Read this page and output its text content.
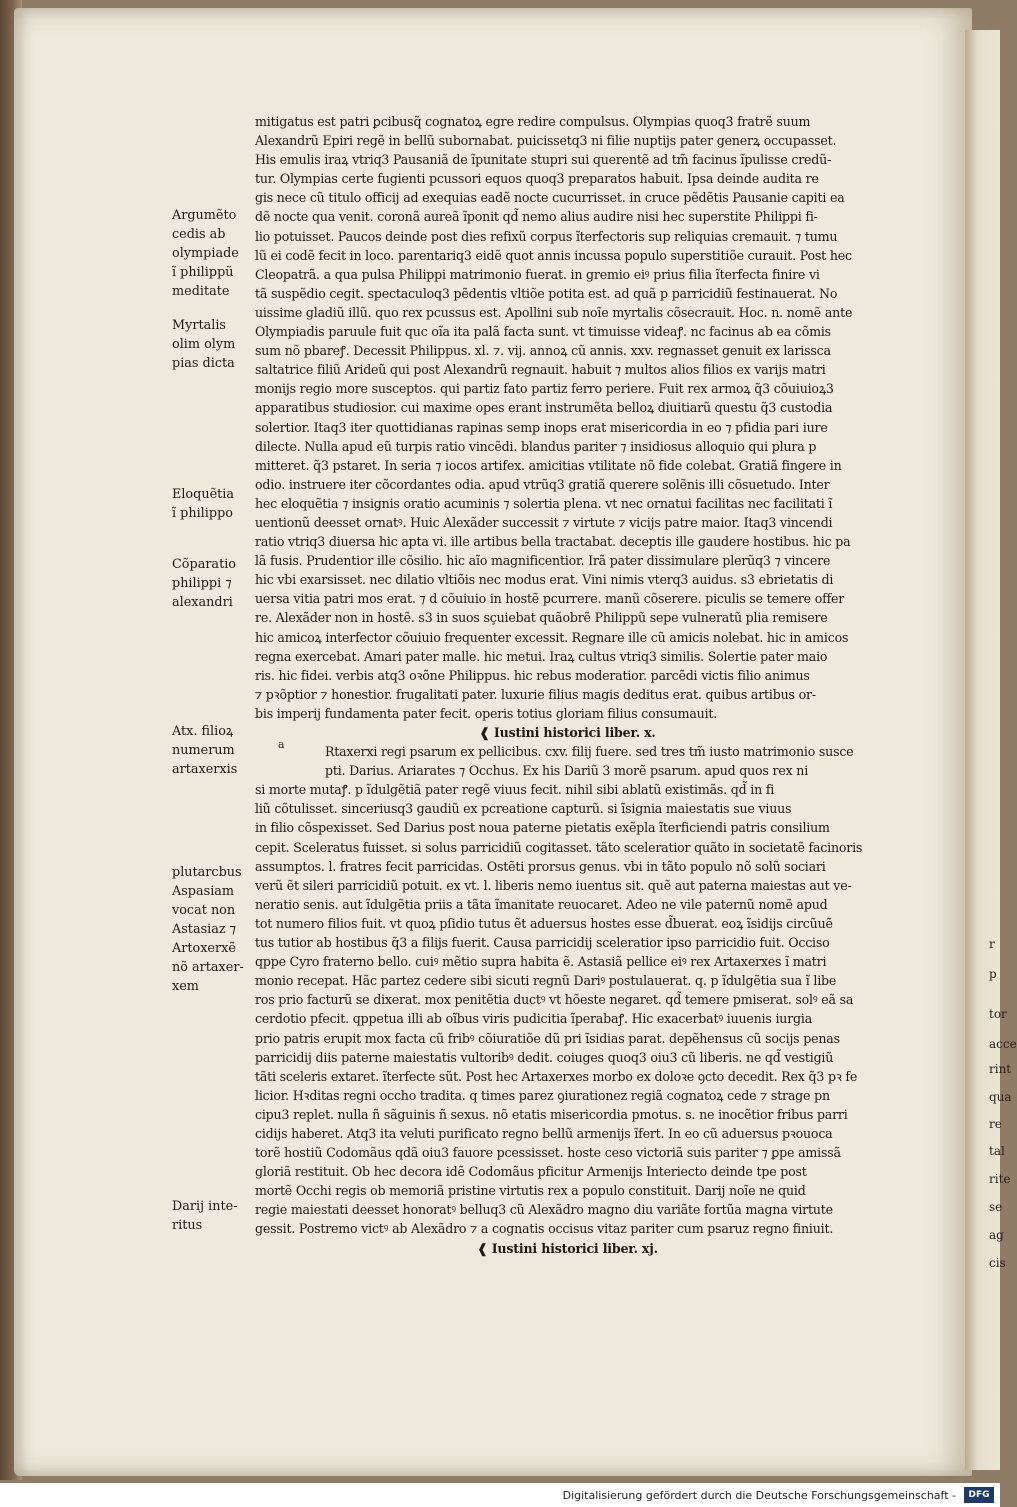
r
p
tor
acce
rint
qua
re
tal
rite
se
ag
cis
Argumẽto
cedis ab
olympiade
ĩ philippũ
meditate
Myrtalis
olim olym
pias dicta
Eloquẽtia
ĩ philippo
Cõparatio
philippi ⁊
alexandri
Atx. filioꝝ
numerum
artaxerxis
plutarcbus
Aspasiam
vocat non
Astasiaz ⁊
Artoxerxẽ
nõ artaxer-
xem
Darij inte-
ritus
a
mitigatus est patri ꝑcibusq̃ cognatoꝝ egre redire compulsus. Olympias quoq3 fratrẽ suum
Alexandrũ Epiri regẽ in bellũ subornabat. puicissetq3 ni filie nuptijs pater generꝝ occupasset.
His emulis iraꝝ vtriq3 Pausaniã de ĩpunitate stupri sui querentẽ ad tm̃ facinus ĩpulisse credũ-
tur. Olympias certe fugienti pcussori equos quoq3 preparatos habuit. Ipsa deinde audita re
gis nece cũ titulo officij ad exequias eadẽ nocte cucurrisset. in cruce pẽdẽtis Pausanie capiti ea
dẽ nocte qua venit. coronã aureã ĩponit qd̃ nemo alius audire nisi hec superstite Philippi fi-
lio potuisset. Paucos deinde post dies refixũ corpus ĩterfectoris sup reliquias cremauit. ⁊ tumu
lũ ei codẽ fecit in loco. parentariq3 eidẽ quot annis incussa populo superstitiõe curauit. Post hec
Cleopatrã. a qua pulsa Philippi matrimonio fuerat. in gremio eiꝰ prius filia ĩterfecta finire vi
tã suspẽdio cegit. spectaculoq3 pẽdentis vltiõe potita est. ad quã p parricidiũ festinauerat. No
uissime gladiũ illũ. quo rex pcussus est. Apollini sub noĩe myrtalis cõsecrauit. Hoc. n. nomẽ ante
Olympiadis paruule fuit quc oĩa ita palã facta sunt. vt timuisse videaꝭ. nc facinus ab ea cõmis
sum nõ pbareꝭ. Decessit Philippus. xl. ⁊. vij. annoꝝ cũ annis. xxv. regnasset genuit ex larissca
saltatrice filiũ Arideũ qui post Alexandrũ regnauit. habuit ⁊ multos alios filios ex varijs matri
monijs regio more susceptos. qui partiz fato partiz ferro periere. Fuit rex armoꝝ q̃3 cõuiuioꝝ3
apparatibus studiosior. cui maxime opes erant instrumẽta belloꝝ diuitiarũ questu q̃3 custodia
solertior. Itaq3 iter quottidianas rapinas semp inops erat misericordia in eo ⁊ pfidia pari iure
dilecte. Nulla apud eũ turpis ratio vincẽdi. blandus pariter ⁊ insidiosus alloquio qui plura p
mitteret. q̃3 pstaret. In seria ⁊ iocos artifex. amicitias vtilitate nõ fide colebat. Gratiã fingere in
odio. instruere iter cõcordantes odia. apud vtrũq3 gratiã querere solẽnis illi cõsuetudo. Inter
hec eloquẽtia ⁊ insignis oratio acuminis ⁊ solertia plena. vt nec ornatui facilitas nec facilitati ĩ
uentionũ deesset ornatꝰ. Huic Alexãder successit ⁊ virtute ⁊ vicijs patre maior. Itaq3 vincendi
ratio vtriq3 diuersa hic apta vi. ille artibus bella tractabat. deceptis ille gaudere hostibus. hic pa
lã fusis. Prudentior ille cõsilio. hic aĩo magnificentior. Irã pater dissimulare plerũq3 ⁊ vincere
hic vbi exarsisset. nec dilatio vltiõis nec modus erat. Vini nimis vterq3 auidus. s3 ebrietatis di
uersa vitia patri mos erat. ⁊ d cõuiuio in hostẽ pcurrere. manũ cõserere. piculis se temere offer
re. Alexãder non in hostẽ. s3 in suos sçuiebat quãobrẽ Philippũ sepe vulneratũ plia remisere
hic amicoꝝ interfector cõuiuio frequenter excessit. Regnare ille cũ amicis nolebat. hic in amicos
regna exercebat. Amari pater malle. hic metui. Iraꝝ cultus vtriq3 similis. Solertie pater maio
ris. hic fidei. verbis atq3 oꝛõne Philippus. hic rebus moderatior. parcẽdi victis filio animus
⁊ pꝛõptior ⁊ honestior. frugalitati pater. luxurie filius magis deditus erat. quibus artibus or-
bis imperij fundamenta pater fecit. operis totius gloriam filius consumauit.
❰ Iustini historici liber. x.
Rtaxerxi regi psarum ex pellicibus. cxv. filij fuere. sed tres tm̃ iusto matrimonio susce
pti. Darius. Ariarates ⁊ Occhus. Ex his Dariũ 3 morẽ psarum. apud quos rex ni
si morte mutaꝭ. p ĩdulgẽtiã pater regẽ viuus fecit. nihil sibi ablatũ existimãs. qd̃ in fi
liũ cõtulisset. sinceriusq3 gaudiũ ex pcreatione capturũ. si ĩsignia maiestatis sue viuus
in filio cõspexisset. Sed Darius post noua paterne pietatis exẽpla ĩterficiendi patris consilium
cepit. Sceleratus fuisset. si solus parricidiũ cogitasset. tãto sceleratior quãto in societatẽ facinoris
assumptos. l. fratres fecit parricidas. Ostẽti prorsus genus. vbi in tãto populo nõ solũ sociari
verũ ẽt sileri parricidiũ potuit. ex vt. l. liberis nemo iuentus sit. quẽ aut paterna maiestas aut ve-
neratio senis. aut ĩdulgẽtia priis a tãta ĩmanitate reuocaret. Adeo ne vile paternũ nomẽ apud
tot numero filios fuit. vt quoꝝ pſidio tutus ẽt aduersus hostes esse d̃buerat. eoꝝ ĩsidijs circũuẽ
tus tutior ab hostibus q̃3 a filijs fuerit. Causa parricidij sceleratior ipso parricidio fuit. Occiso
qppe Cyro fraterno bello. cuiꝰ mẽtio supra habita ẽ. Astasiã pellice eiꝰ rex Artaxerxes ĩ matri
monio recepat. Hãc partez cedere sibi sicuti regnũ Dariꝰ postulauerat. q. p ĩdulgẽtia sua ĩ libe
ros prio facturũ se dixerat. mox penitẽtia ductꝰ vt hõeste negaret. qd̃ temere pmiserat. solꝰ eã sa
cerdotio pfecit. qppetua illi ab oĩbus viris pudicitia ĩperabaꝭ. Hic exacerbatꝰ iuuenis iurgia
prio patris erupit mox facta cũ fribꝰ cõiuratiõe dũ pri ĩsidias parat. depẽhensus cũ socijs penas
parricidij diis paterne maiestatis vultoribꝰ dedit. coiuges quoq3 oiu3 cũ liberis. ne qd̃ vestigiũ
tãti sceleris extaret. ĩterfecte sũt. Post hec Artaxerxes morbo ex doloꝛe ꝯcto decedit. Rex q̃3 pꝛ fe
licior. Hꝛditas regni occho tradita. q times parez ꝯiurationez regiã cognatoꝝ cede ⁊ strage pn
cipu3 replet. nulla ñ sãguinis ñ sexus. nõ etatis misericordia pmotus. s. ne inocẽtior fribus parri
cidijs haberet. Atq3 ita veluti purificato regno bellũ armenijs ĩfert. In eo cũ aduersus pꝛouoca
torẽ hostiũ Codomãus qdã oiu3 fauore pcessisset. hoste ceso victoriã suis pariter ⁊ ꝑpe amissã
gloriã restituit. Ob hec decora idẽ Codomãus pficitur Armenijs Interiecto deinde tpe post
mortẽ Occhi regis ob memoriã pristine virtutis rex a populo constituit. Darij noĩe ne quid
regie maiestati deesset honoratꝰ belluq3 cũ Alexãdro magno diu variãte fortũa magna virtute
gessit. Postremo victꝰ ab Alexãdro ⁊ a cognatis occisus vitaz pariter cum psaruz regno finiuit.
❰ Iustini historici liber. xj.
Digitalisierung gefördert durch die Deutsche Forschungsgemeinschaft -	DFG
